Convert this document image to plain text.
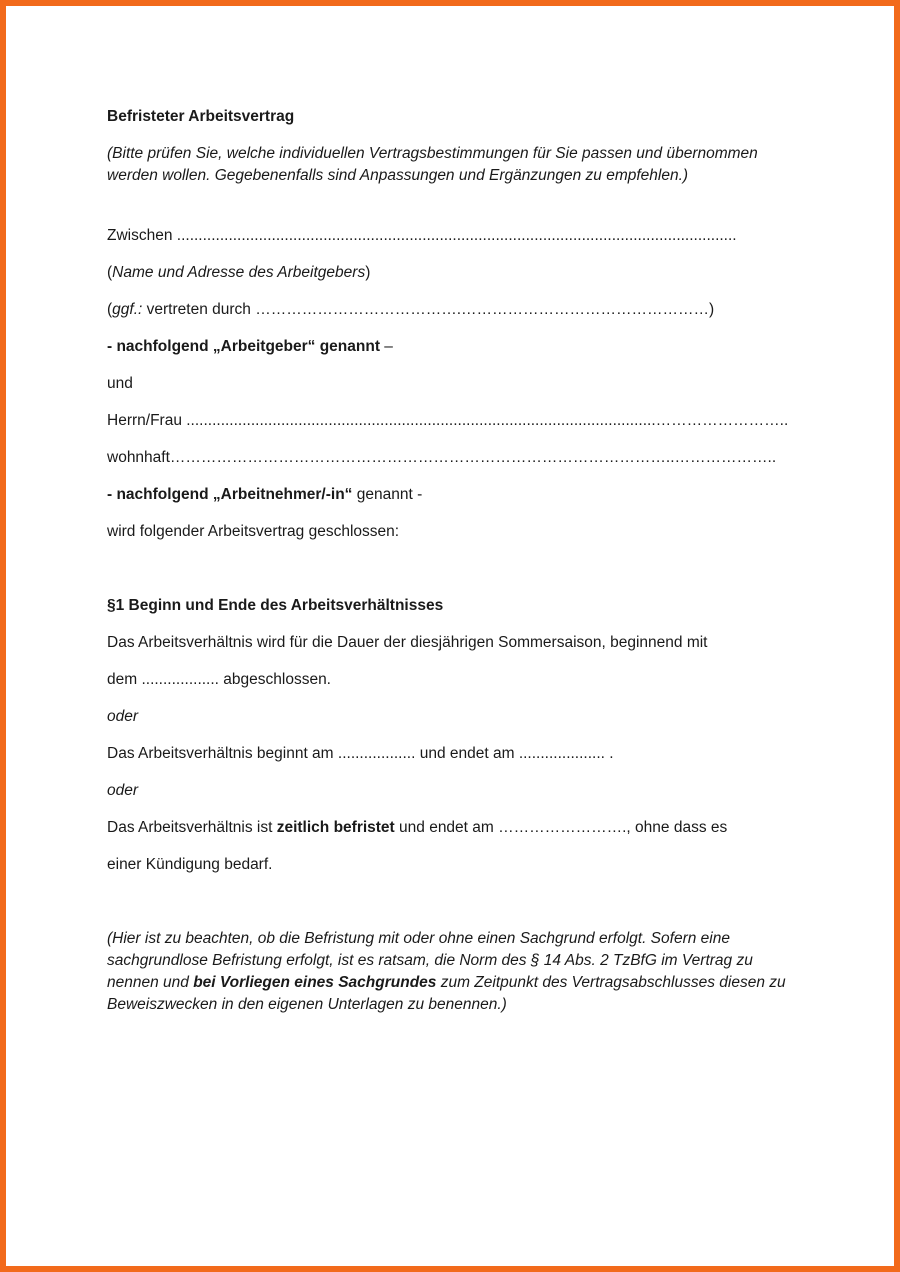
Befristeter Arbeitsvertrag
(Bitte prüfen Sie, welche individuellen Vertragsbestimmungen für Sie passen und übernommen werden wollen. Gegebenenfalls sind Anpassungen und Ergänzungen zu empfehlen.)
Zwischen ..................................................................................................................................
(Name und Adresse des Arbeitgebers)
(ggf.: vertreten durch ………………………………….…………………………………………)
- nachfolgend „Arbeitgeber“ genannt –
und
Herrn/Frau .............................................................................................................……………………..
wohnhaft……………………………………………………………………………………..………………..
- nachfolgend „Arbeitnehmer/-in“ genannt -
wird folgender Arbeitsvertrag geschlossen:
§1 Beginn und Ende des Arbeitsverhältnisses
Das Arbeitsverhältnis wird für die Dauer der diesjährigen Sommersaison, beginnend mit
dem .................. abgeschlossen.
oder
Das Arbeitsverhältnis beginnt am .................. und endet am .................... .
oder
Das Arbeitsverhältnis ist zeitlich befristet und endet am ……………………., ohne dass es
einer Kündigung bedarf.
(Hier ist zu beachten, ob die Befristung mit oder ohne einen Sachgrund erfolgt. Sofern eine sachgrundlose Befristung erfolgt, ist es ratsam, die Norm des § 14 Abs. 2 TzBfG im Vertrag zu nennen und bei Vorliegen eines Sachgrundes zum Zeitpunkt des Vertragsabschlusses diesen zu Beweiszwecken in den eigenen Unterlagen zu benennen.)
